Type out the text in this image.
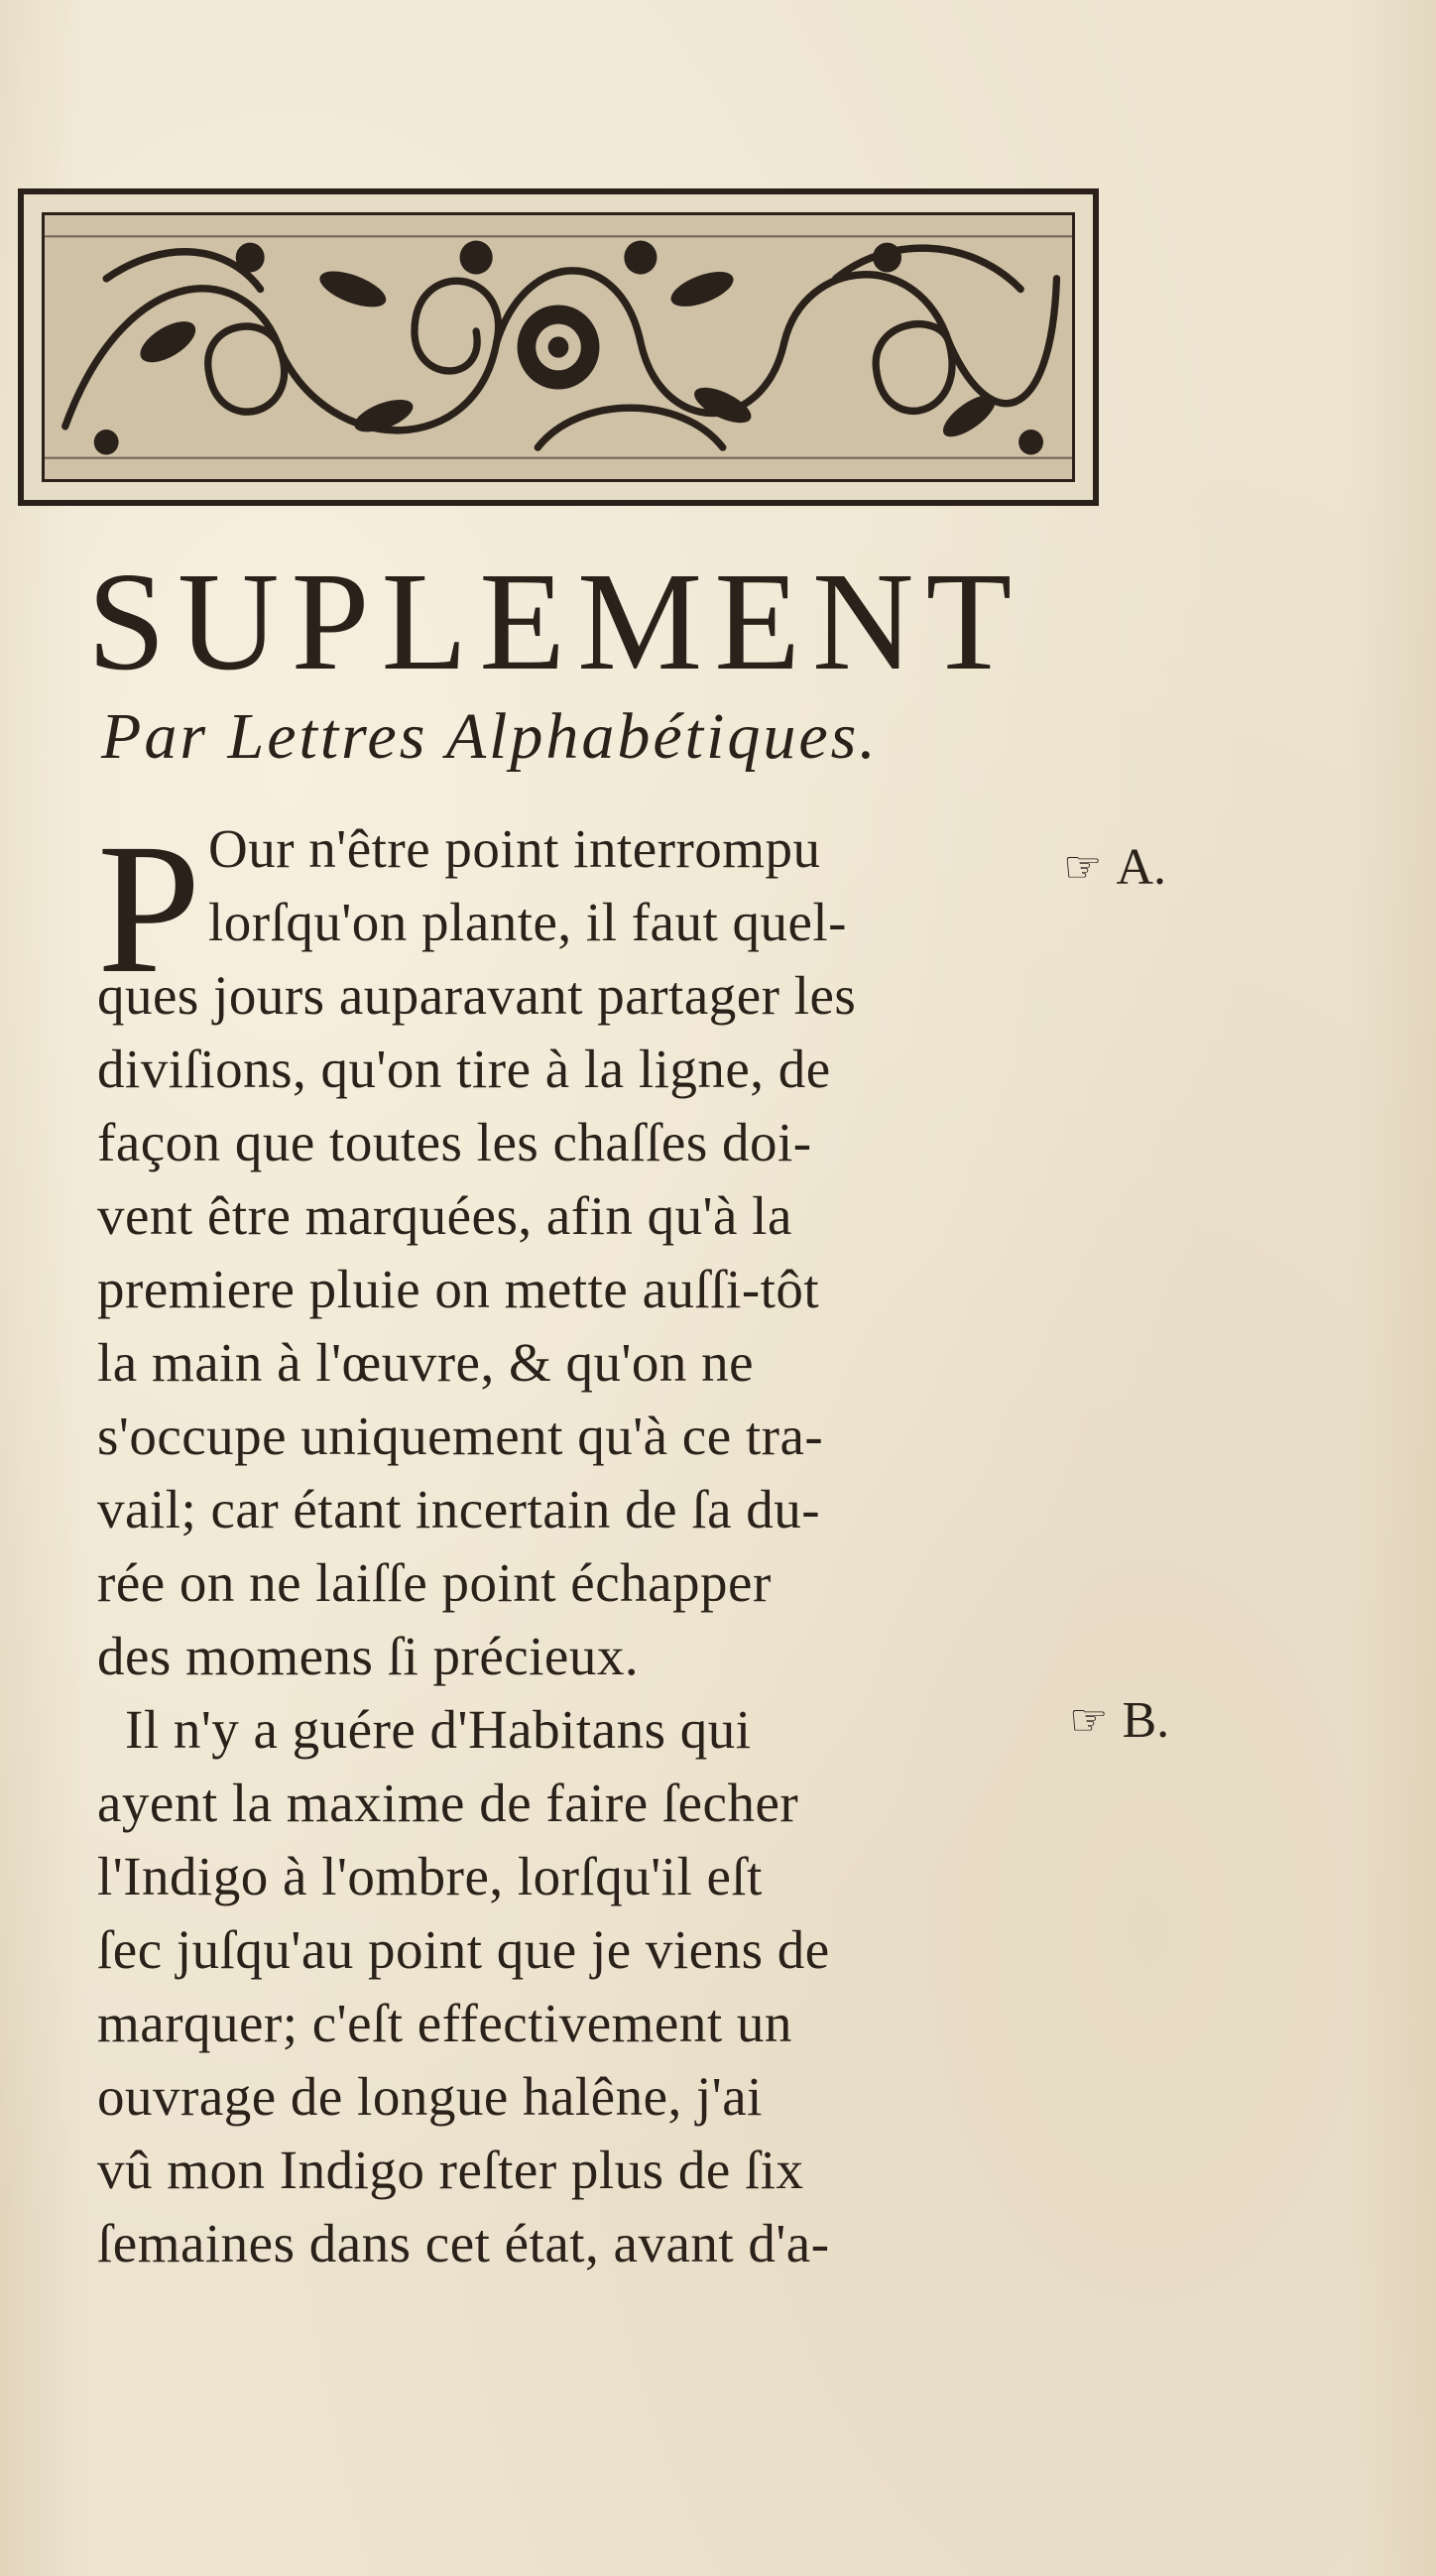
SUPLEMENT
Par Lettres Alphabétiques.
P Our n'être point interrompu
lorſqu'on plante, il faut quel-
ques jours auparavant partager les
diviſions, qu'on tire à la ligne, de
façon que toutes les chaſſes doi-
vent être marquées, afin qu'à la
premiere pluie on mette auſſi-tôt
la main à l'œuvre, & qu'on ne
s'occupe uniquement qu'à ce tra-
vail; car étant incertain de ſa du-
rée on ne laiſſe point échapper
des momens ſi précieux.
Il n'y a guére d'Habitans qui
ayent la maxime de faire ſecher
l'Indigo à l'ombre, lorſqu'il eſt
ſec juſqu'au point que je viens de
marquer; c'eſt effectivement un
ouvrage de longue halêne, j'ai
vû mon Indigo reſter plus de ſix
ſemaines dans cet état, avant d'a-
☞ A.
☞ B.
